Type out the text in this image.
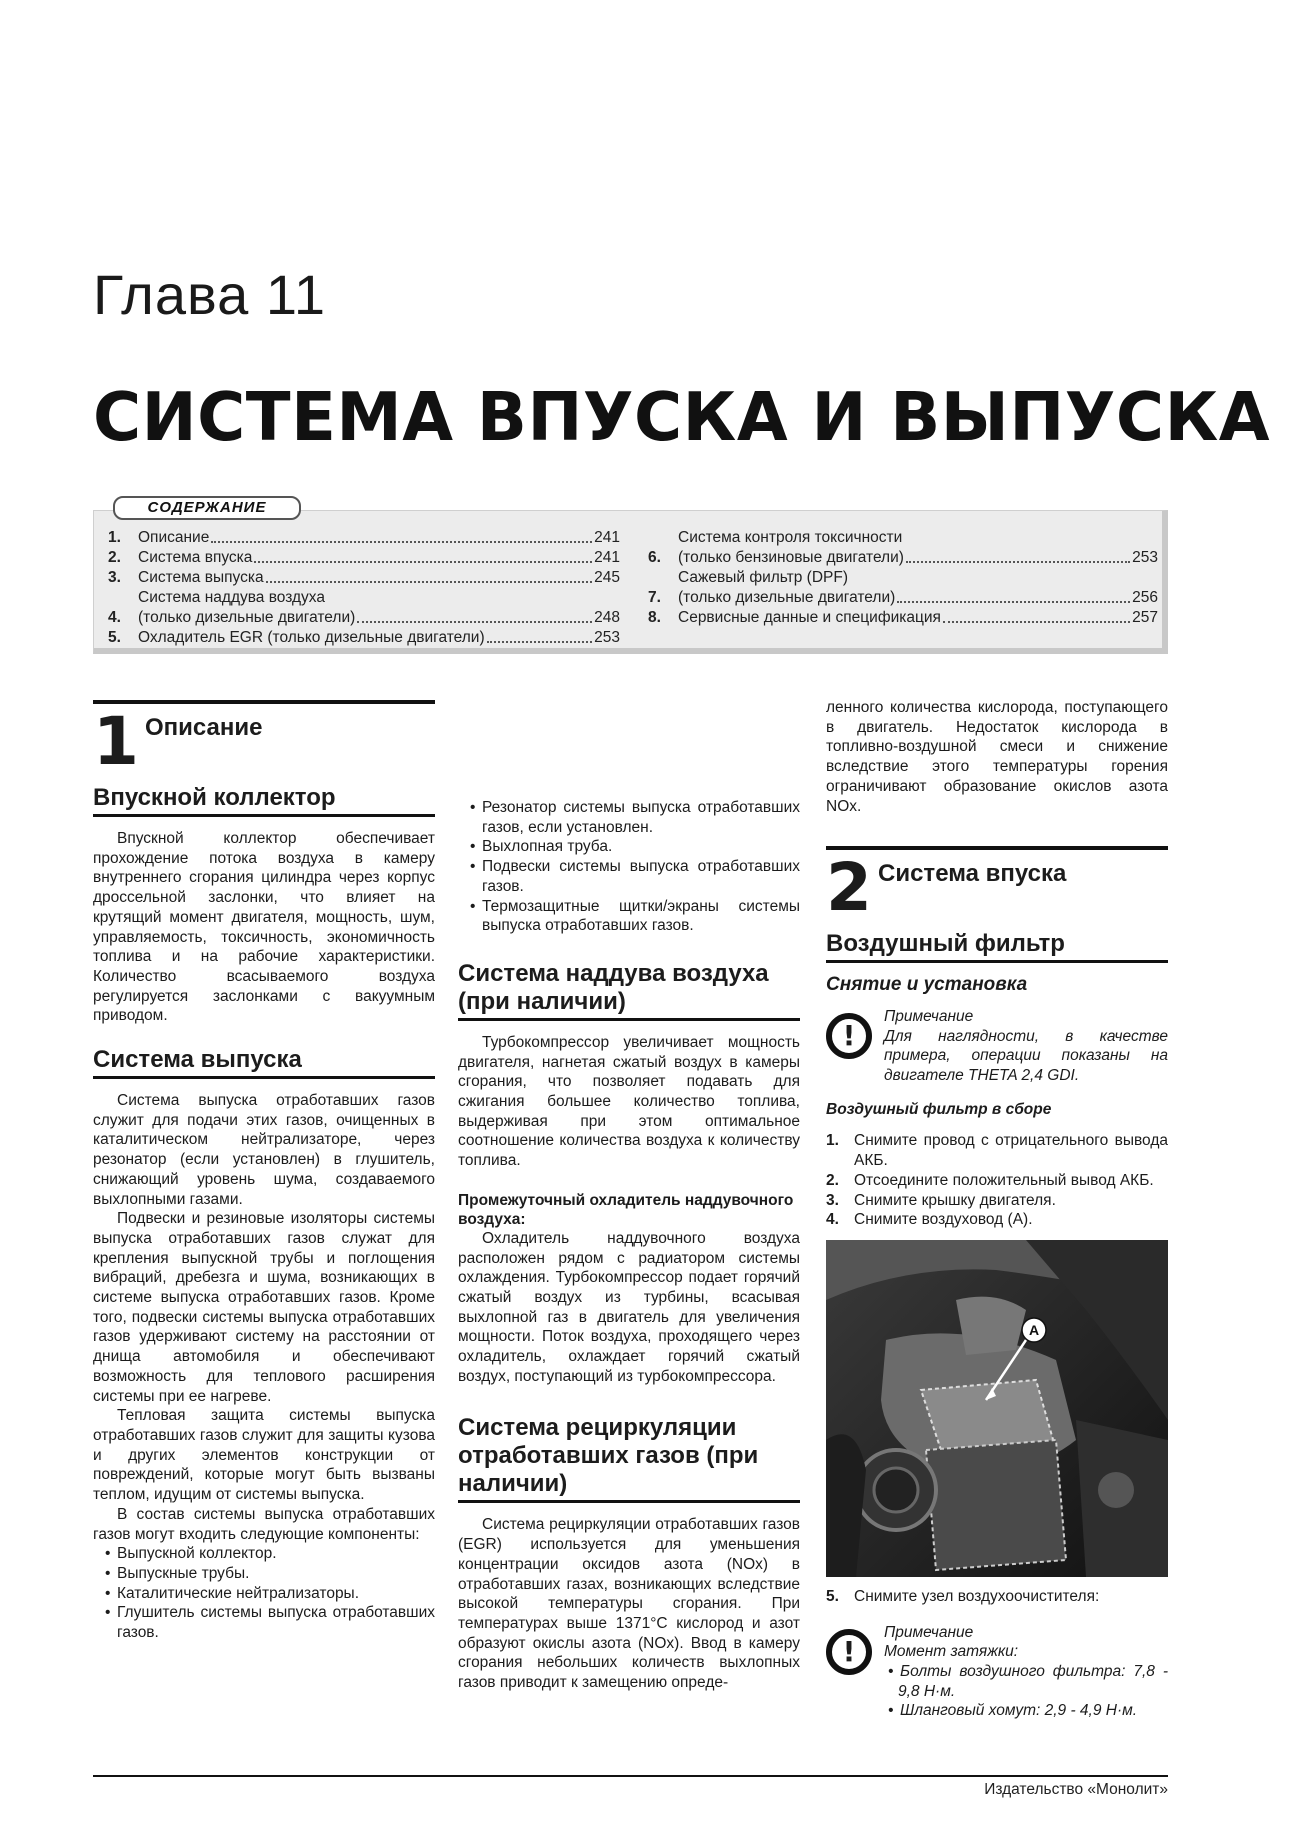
Глава 11
СИСТЕМА ВПУСКА И ВЫПУСКА
СОДЕРЖАНИЕ
1.	Описание	241
2.	Система впуска	241
3.	Система выпуска	245
4.
Система наддува воздуха
(только дизельные двигатели)	248
5.	Охладитель EGR (только дизельные двигатели)	253
6.
Система контроля токсичности
(только бензиновые двигатели)	253
7.
Сажевый фильтр (DPF)
(только дизельные двигатели)	256
8.	Сервисные данные и спецификация	257
1 Описание
Впускной коллектор

Впускной коллектор обеспечивает прохождение потока воздуха в камеру внутреннего сгорания цилиндра через корпус дроссельной заслонки, что влияет на крутящий момент двигателя, мощность, шум, управляемость, токсичность, экономичность топлива и на рабочие характеристики. Количество всасываемого воздуха регулируется заслонками с вакуумным приводом.

Система выпуска

Система выпуска отработавших газов служит для подачи этих газов, очищенных в каталитическом нейтрализаторе, через резонатор (если установлен) в глушитель, снижающий уровень шума, создаваемого выхлопными газами.

Подвески и резиновые изоляторы системы выпуска отработавших газов служат для крепления выпускной трубы и поглощения вибраций, дребезга и шума, возникающих в системе выпуска отработавших газов. Кроме того, подвески системы выпуска отработавших газов удерживают систему на расстоянии от днища автомобиля и обеспечивают возможность для теплового расширения системы при ее нагреве.

Тепловая защита системы выпуска отработавших газов служит для защиты кузова и других элементов конструкции от повреждений, которые могут быть вызваны теплом, идущим от системы выпуска.

В состав системы выпуска отработавших газов могут входить следующие компоненты:

• Выпускной коллектор.
• Выпускные трубы.
• Каталитические нейтрализаторы.
• Глушитель системы выпуска отработавших газов.
• Резонатор системы выпуска отработавших газов, если установлен.
• Выхлопная труба.
• Подвески системы выпуска отработавших газов.
• Термозащитные щитки/экраны системы выпуска отработавших газов.
Система наддува воздуха (при наличии)

Турбокомпрессор увеличивает мощность двигателя, нагнетая сжатый воздух в камеры сгорания, что позволяет подавать для сжигания большее количество топлива, выдерживая при этом оптимальное соотношение количества воздуха к количеству топлива.

Промежуточный охладитель наддувочного воздуха:

Охладитель наддувочного воздуха расположен рядом с радиатором системы охлаждения. Турбокомпрессор подает горячий сжатый воздух из турбины, всасывая выхлопной газ в двигатель для увеличения мощности. Поток воздуха, проходящего через охладитель, охлаждает горячий сжатый воздух, поступающий из турбокомпрессора.

Система рециркуляции отработавших газов (при наличии)

Система рециркуляции отработавших газов (EGR) используется для уменьшения концентрации оксидов азота (NOx) в отработавших газах, возникающих вследствие высокой температуры сгорания. При температурах выше 1371°C кислород и азот образуют окислы азота (NOx). Ввод в камеру сгорания небольших количеств выхлопных газов приводит к замещению опреде-

ленного количества кислорода, поступающего в двигатель. Недостаток кислорода в топливно-воздушной смеси и снижение вследствие этого температуры горения ограничивают образование окислов азота NOx.

2 Система впуска
Воздушный фильтр
Снятие и установка
!
Примечание
Для наглядности, в качестве примера, операции показаны на двигателе THETA 2,4 GDI.
Воздушный фильтр в сборе
1. Снимите провод с отрицательного вывода АКБ.
2. Отсоедините положительный вывод АКБ.
3. Снимите крышку двигателя.
4. Снимите воздуховод (А).
A
5. Снимите узел воздухоочистителя:
!
Примечание
Момент затяжки:
• Болты воздушного фильтра: 7,8 - 9,8 Н·м.
• Шланговый хомут: 2,9 - 4,9 Н·м.
Издательство «Монолит»
